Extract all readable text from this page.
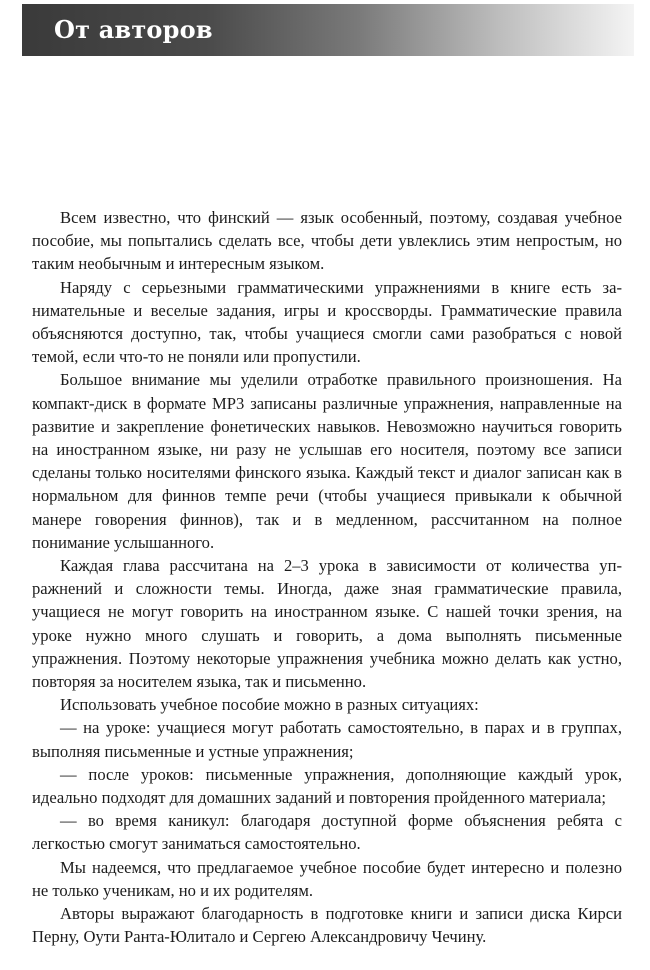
От авторов

Всем известно, что финский — язык особенный, поэтому, создавая учебное пособие, мы попытались сделать все, чтобы дети увлеклись этим непростым, но таким необычным и интересным языком.

Наряду с серьезными грамматическими упражнениями в книге есть занимательные и веселые задания, игры и кроссворды. Грамматические правила объясняются доступно, так, чтобы учащиеся смогли сами разобраться с новой темой, если что-то не поняли или пропустили.

Большое внимание мы уделили отработке правильного произношения. На компакт-диск в формате MP3 записаны различные упражнения, направленные на развитие и закрепление фонетических навыков. Невозможно научиться говорить на иностранном языке, ни разу не услышав его носителя, поэтому все записи сделаны только носителями финского языка. Каждый текст и диалог записан как в нормальном для финнов темпе речи (чтобы учащиеся привыкали к обычной манере говорения финнов), так и в медленном, рассчитанном на полное понимание услышанного.

Каждая глава рассчитана на 2–3 урока в зависимости от количества упражнений и сложности темы. Иногда, даже зная грамматические правила, учащиеся не могут говорить на иностранном языке. С нашей точки зрения, на уроке нужно много слушать и говорить, а дома выполнять письменные упражнения. Поэтому некоторые упражнения учебника можно делать как устно, повторяя за носителем языка, так и письменно.

Использовать учебное пособие можно в разных ситуациях:

— на уроке: учащиеся могут работать самостоятельно, в парах и в группах, выполняя письменные и устные упражнения;

— после уроков: письменные упражнения, дополняющие каждый урок, идеально подходят для домашних заданий и повторения пройденного материала;

— во время каникул: благодаря доступной форме объяснения ребята с легкостью смогут заниматься самостоятельно.

Мы надеемся, что предлагаемое учебное пособие будет интересно и полезно не только ученикам, но и их родителям.

Авторы выражают благодарность в подготовке книги и записи диска Кирси Перну, Оути Ранта-Юлиталo и Сергею Александровичу Чечину.
